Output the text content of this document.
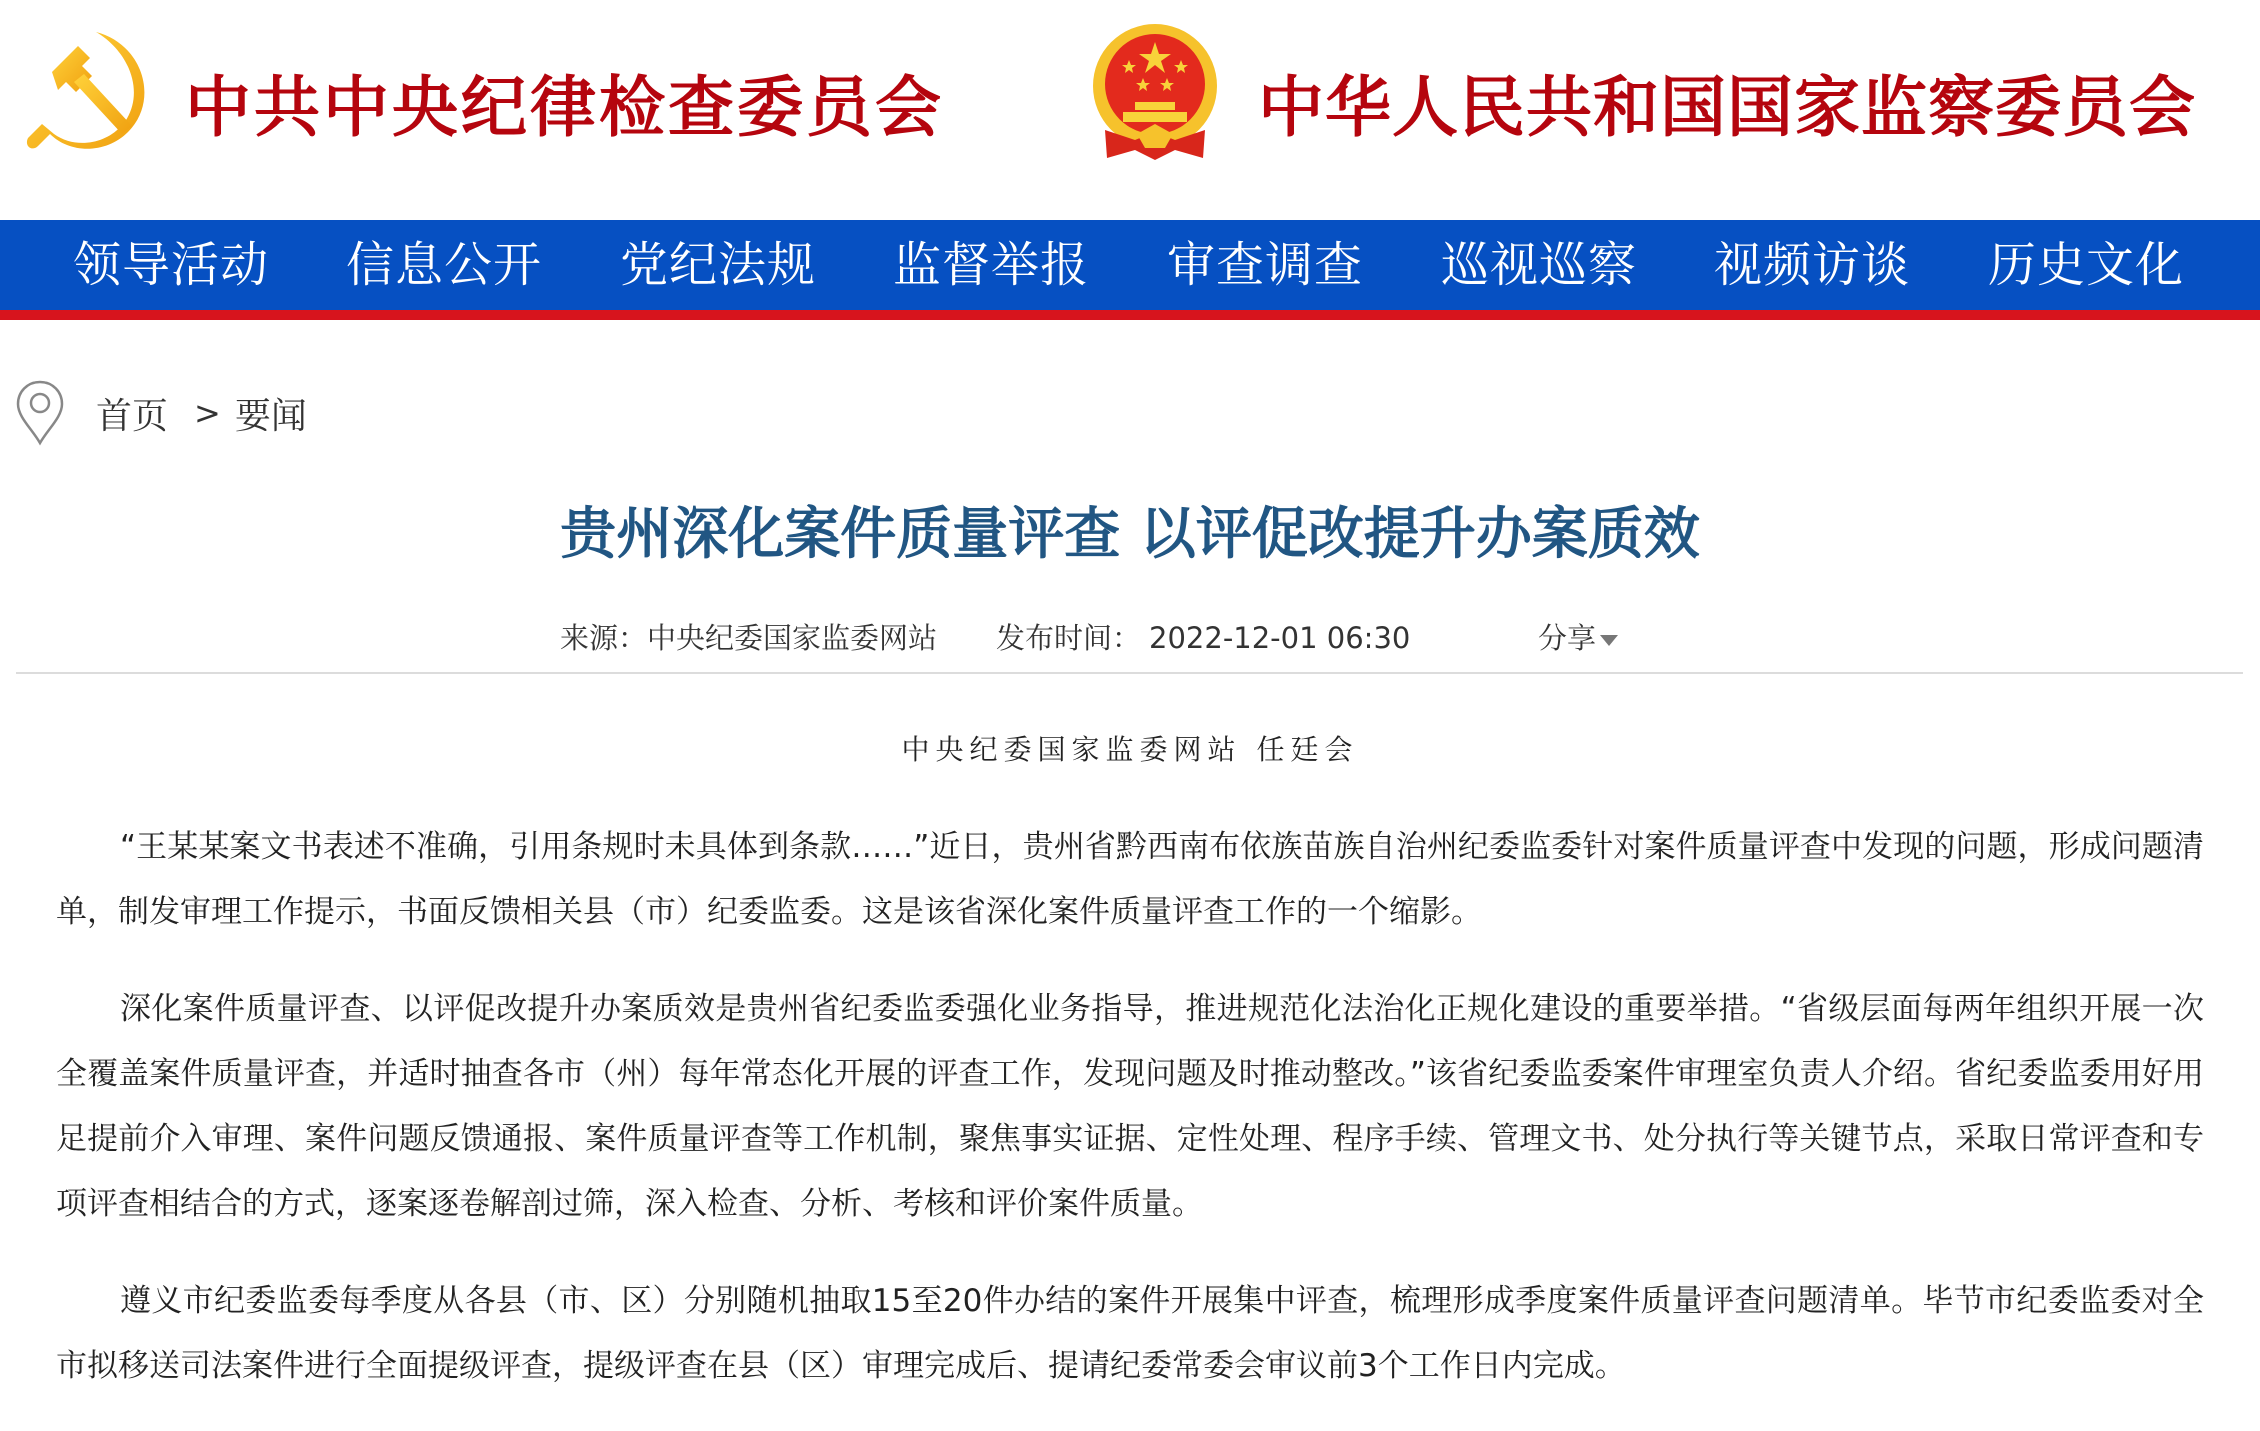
中共中央纪律检查委员会	中华人民共和国国家监察委员会
领导活动	信息公开	党纪法规	监督举报	审查调查	巡视巡察	视频访谈	历史文化
首页 > 要闻
贵州深化案件质量评查 以评促改提升办案质效
来源：中央纪委国家监委网站 发布时间： 2022-12-01 06:30	分享
中央纪委国家监委网站 任廷会

“王某某案文书表述不准确，引用条规时未具体到条款……”近日，贵州省黔西南布依族苗族自治州纪委监委针对案件质量评查中发现的问题，形成问题清单，制发审理工作提示，书面反馈相关县（市）纪委监委。这是该省深化案件质量评查工作的一个缩影。

深化案件质量评查、以评促改提升办案质效是贵州省纪委监委强化业务指导，推进规范化法治化正规化建设的重要举措。“省级层面每两年组织开展一次全覆盖案件质量评查，并适时抽查各市（州）每年常态化开展的评查工作，发现问题及时推动整改。”该省纪委监委案件审理室负责人介绍。省纪委监委用好用足提前介入审理、案件问题反馈通报、案件质量评查等工作机制，聚焦事实证据、定性处理、程序手续、管理文书、处分执行等关键节点，采取日常评查和专项评查相结合的方式，逐案逐卷解剖过筛，深入检查、分析、考核和评价案件质量。

遵义市纪委监委每季度从各县（市、区）分别随机抽取15至20件办结的案件开展集中评查，梳理形成季度案件质量评查问题清单。毕节市纪委监委对全市拟移送司法案件进行全面提级评查，提级评查在县（区）审理完成后、提请纪委常委会审议前3个工作日内完成。
